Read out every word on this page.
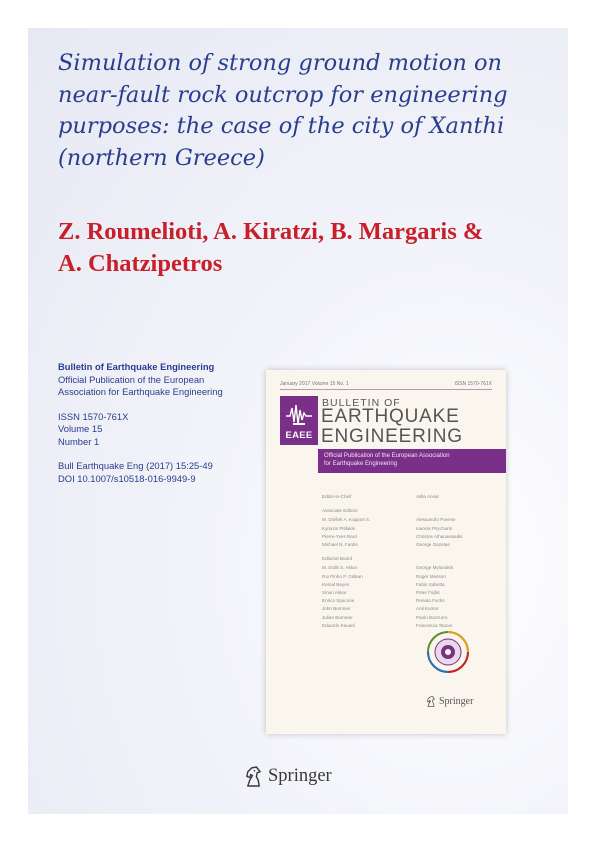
Simulation of strong ground motion on
near-fault rock outcrop for engineering
purposes: the case of the city of Xanthi
(northern Greece)
Z. Roumelioti, A. Kiratzi, B. Margaris &
A. Chatzipetros
Bulletin of Earthquake Engineering
Official Publication of the European
Association for Earthquake Engineering
ISSN 1570-761X
Volume 15
Number 1
Bull Earthquake Eng (2017) 15:25-49
DOI 10.1007/s10518-016-9949-9
January 2017 Volume 15 No. 1	ISSN 1570-761X
EAEE
BULLETIN OF
EARTHQUAKE
ENGINEERING
Official Publication of the European Association
for Earthquake Engineering
Editor-in-Chief	Atilla Ansal
Associate Editors
M. Dolšek A. Kappos S.	Alessandro Pavese
Kyriazis Pitilakis	Ioannis Psycharis
Pierre-Yves Bard	Christos Athanassiadis
Michael N. Fardis	George Gazetas
Editorial Board
M. Erdik S. Akkar	George Mylonakis
Rui Pinho P. Gülkan	Roger Musson
Kemal Beyen	Fabio Sabetta
Sinan Akkar	Peter Fajfar
Enrico Spacone	Renato Fuchs
John Bommer	Anil Kumar
Julian Bommer	Paolo Bazzurro
Eduardo Kausel	Francesca Taucer
Springer
Springer
